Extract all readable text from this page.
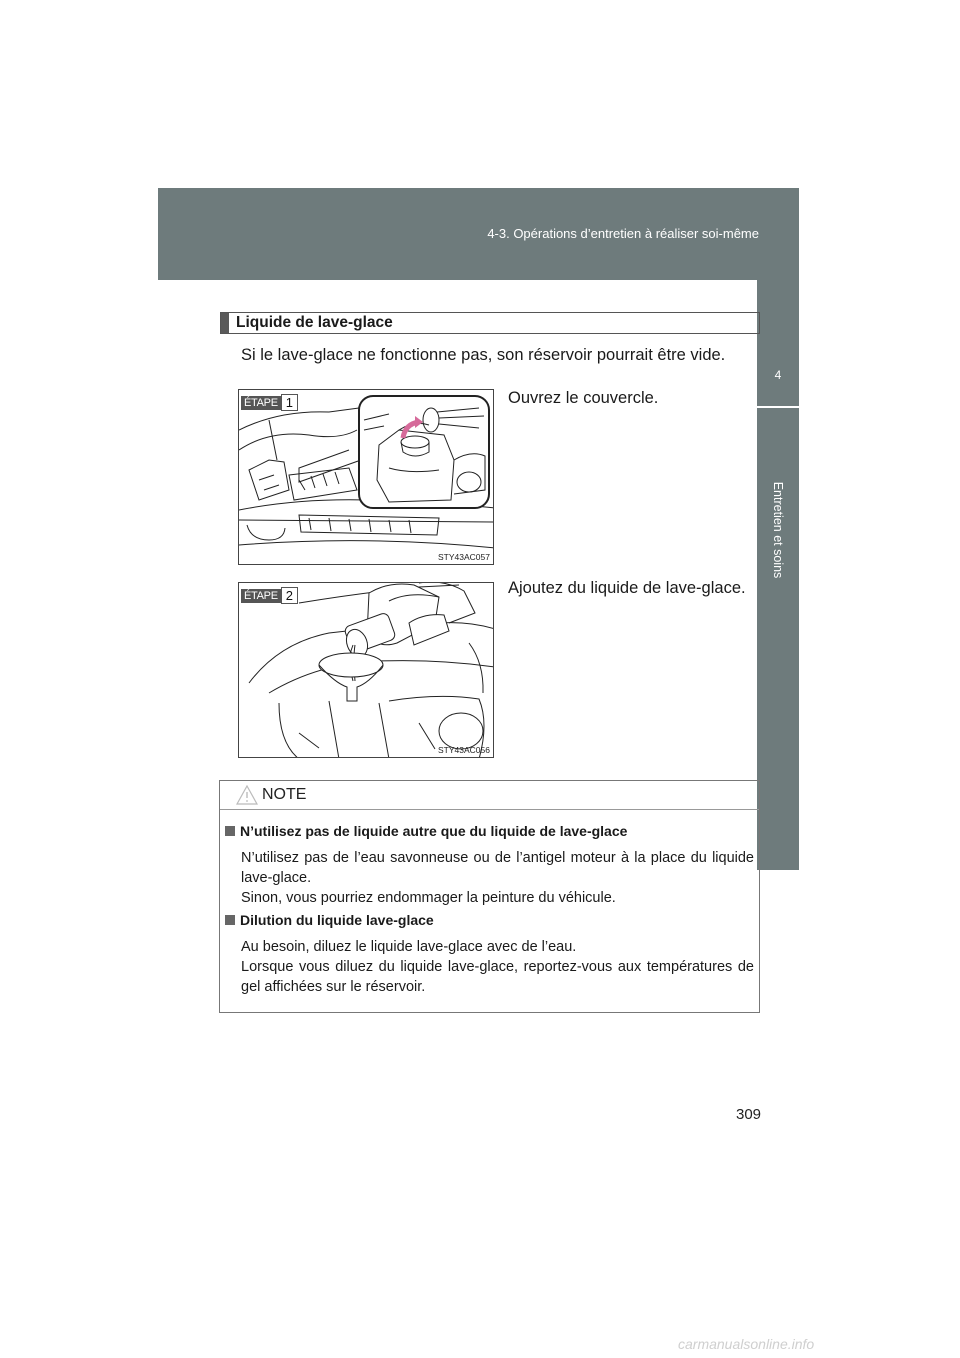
4-3. Opérations d’entretien à réaliser soi-même
4
Entretien et soins
Liquide de lave-glace
Si le lave-glace ne fonctionne pas, son réservoir pourrait être vide.
ÉTAPE 1
STY43AC057
Ouvrez le couvercle.
ÉTAPE 2
STY43AC056
Ajoutez du liquide de lave-glace.
NOTE
N’utilisez pas de liquide autre que du liquide de lave-glace
N’utilisez pas de l’eau savonneuse ou de l’antigel moteur à la place du liquide lave-glace.
Sinon, vous pourriez endommager la peinture du véhicule.
Dilution du liquide lave-glace
Au besoin, diluez le liquide lave-glace avec de l’eau.
Lorsque vous diluez du liquide lave-glace, reportez-vous aux températures de gel affichées sur le réservoir.
309
carmanualsonline.info
